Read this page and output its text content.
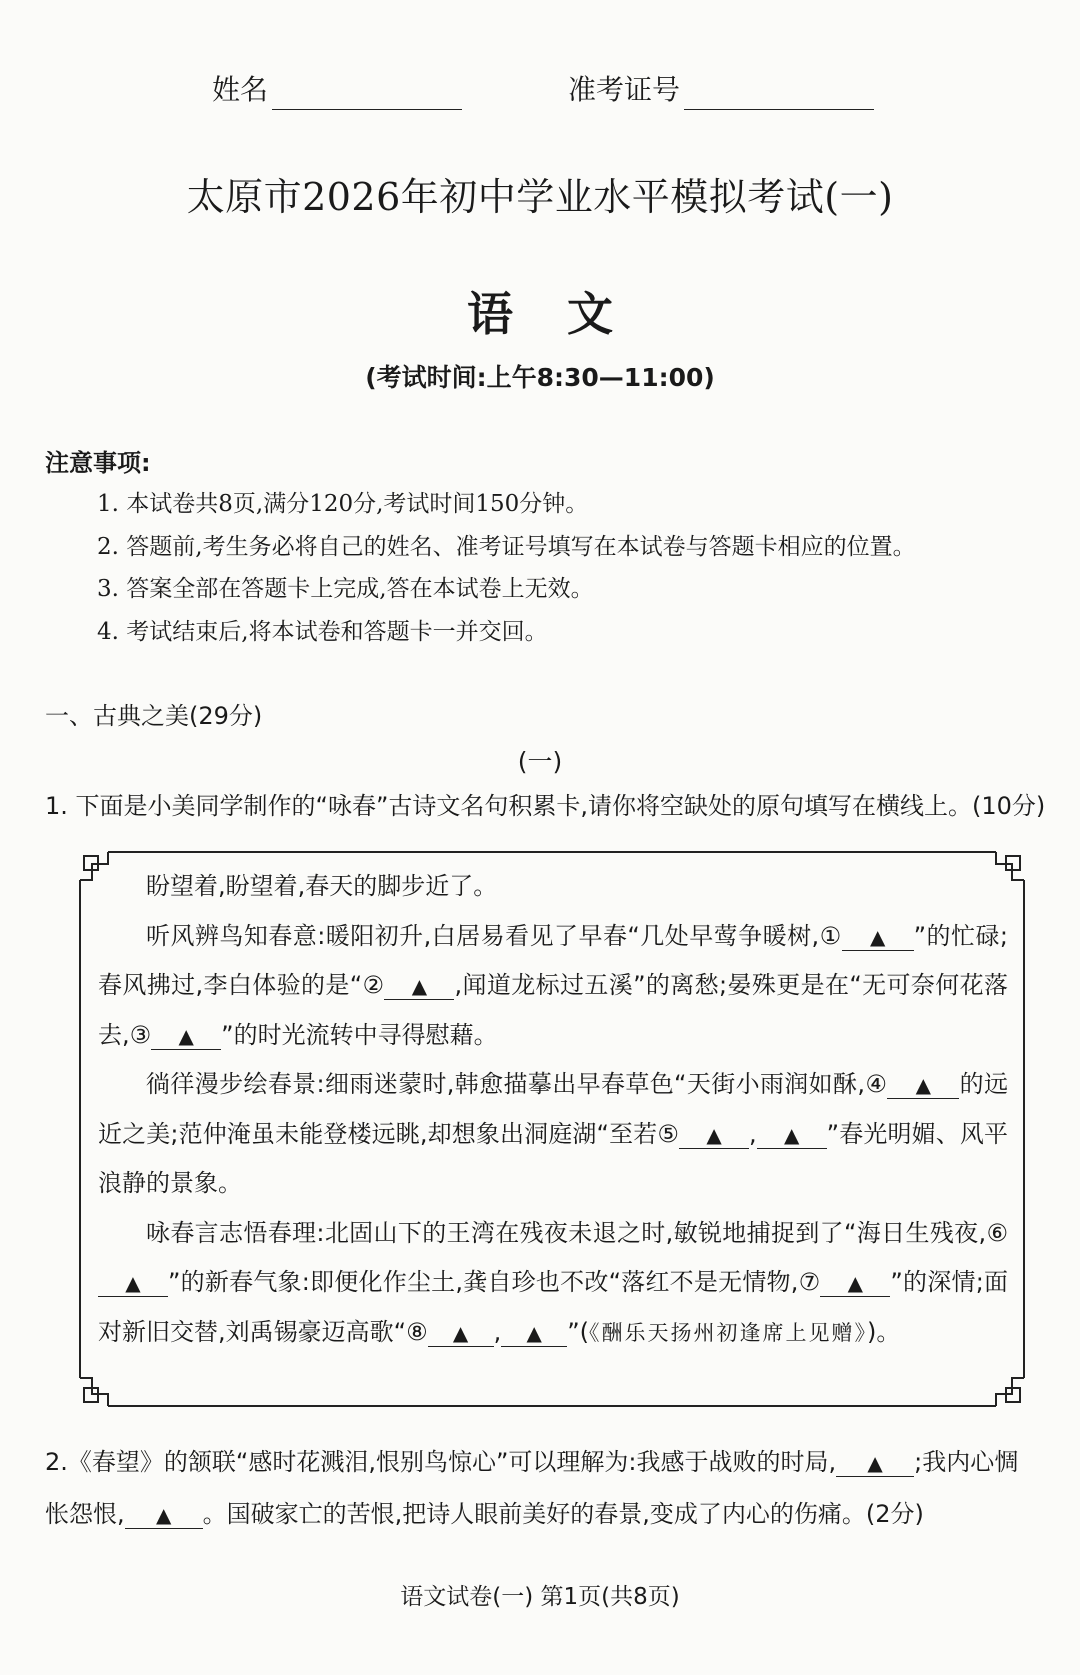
姓名	准考证号
太原市2026年初中学业水平模拟考试(一)
语文
(考试时间:上午8:30—11:00)
注意事项:
1. 本试卷共8页,满分120分,考试时间150分钟。
2. 答题前,考生务必将自己的姓名、准考证号填写在本试卷与答题卡相应的位置。
3. 答案全部在答题卡上完成,答在本试卷上无效。
4. 考试结束后,将本试卷和答题卡一并交回。
一、古典之美(29分)
(一)
1. 下面是小美同学制作的“咏春”古诗文名句积累卡,请你将空缺处的原句填写在横线上。(10分)

盼望着,盼望着,春天的脚步近了。

听风辨鸟知春意:暖阳初升,白居易看见了早春“几处早莺争暖树,① ▲ ”的忙碌;春风拂过,李白体验的是“② ▲ ,闻道龙标过五溪”的离愁;晏殊更是在“无可奈何花落去,③ ▲ ”的时光流转中寻得慰藉。

徜徉漫步绘春景:细雨迷蒙时,韩愈描摹出早春草色“天街小雨润如酥,④ ▲ 的远近之美;范仲淹虽未能登楼远眺,却想象出洞庭湖“至若⑤ ▲ , ▲ ”春光明媚、风平浪静的景象。

咏春言志悟春理:北固山下的王湾在残夜未退之时,敏锐地捕捉到了“海日生残夜,⑥▲ ”的新春气象:即便化作尘土,龚自珍也不改“落红不是无情物,⑦ ▲ ”的深情;面对新旧交替,刘禹锡豪迈高歌“⑧ ▲ , ▲ ”(《酬乐天扬州初逢席上见赠》)。

2.《春望》的颔联“感时花溅泪,恨别鸟惊心”可以理解为:我感于战败的时局, ▲ ;我内心惆怅怨恨, ▲ 。国破家亡的苦恨,把诗人眼前美好的春景,变成了内心的伤痛。(2分)
语文试卷(一) 第1页(共8页)
